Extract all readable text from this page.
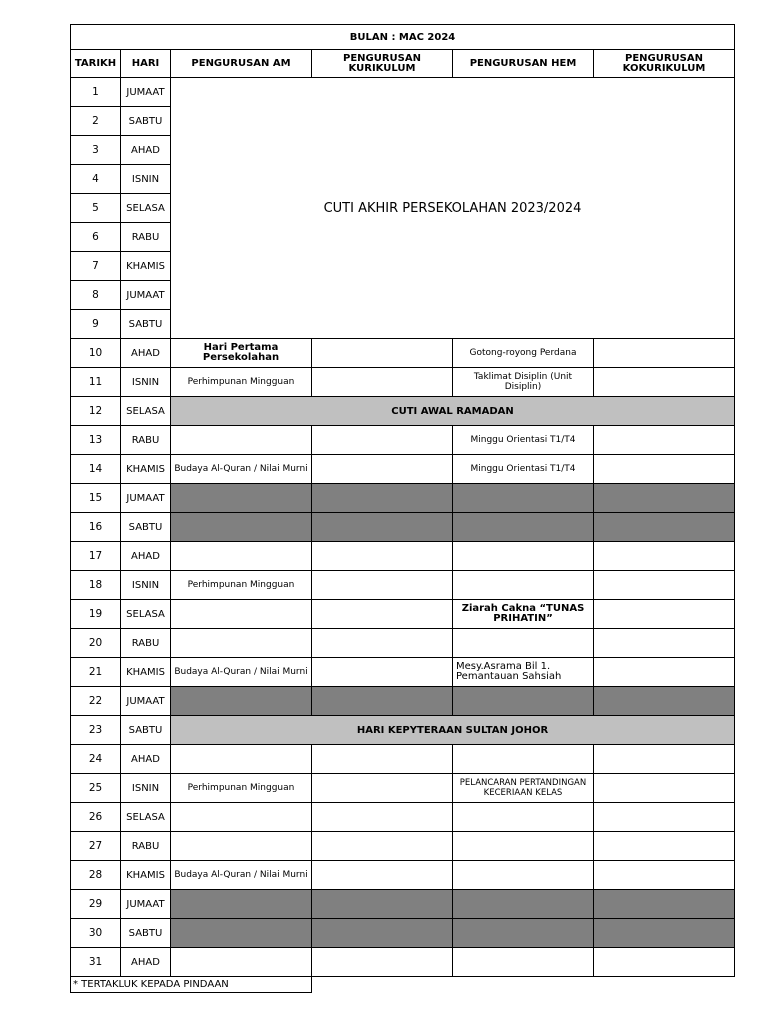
BULAN : MAC 2024					
TARIKH	HARI	PENGURUSAN AM	PENGURUSAN KURIKULUM	PENGURUSAN HEM	PENGURUSAN KOKURIKULUM
1	JUMAAT	CUTI AKHIR PERSEKOLAHAN 2023/2024			
2	SABTU				
3	AHAD				
4	ISNIN				
5	SELASA				
6	RABU				
7	KHAMIS				
8	JUMAAT				
9	SABTU				
10	AHAD	Hari Pertama Persekolahan		Gotong-royong Perdana	
11	ISNIN	Perhimpunan Mingguan		Taklimat Disiplin (Unit Disiplin)	
12	SELASA	CUTI AWAL RAMADAN			
13	RABU			Minggu Orientasi T1/T4	
14	KHAMIS	Budaya Al-Quran / Nilai Murni		Minggu Orientasi T1/T4	
15	JUMAAT				
16	SABTU				
17	AHAD				
18	ISNIN	Perhimpunan Mingguan			
19	SELASA			Ziarah Cakna “TUNAS PRIHATIN”	
20	RABU				
21	KHAMIS	Budaya Al-Quran / Nilai Murni		Mesy.Asrama Bil 1. Pemantauan Sahsiah	
22	JUMAAT				
23	SABTU	HARI KEPYTERAAN SULTAN JOHOR			
24	AHAD				
25	ISNIN	Perhimpunan Mingguan		PELANCARAN PERTANDINGAN KECERIAAN KELAS	
26	SELASA				
27	RABU				
28	KHAMIS	Budaya Al-Quran / Nilai Murni			
29	JUMAAT				
30	SABTU				
31	AHAD				
* TERTAKLUK KEPADA PINDAAN					
